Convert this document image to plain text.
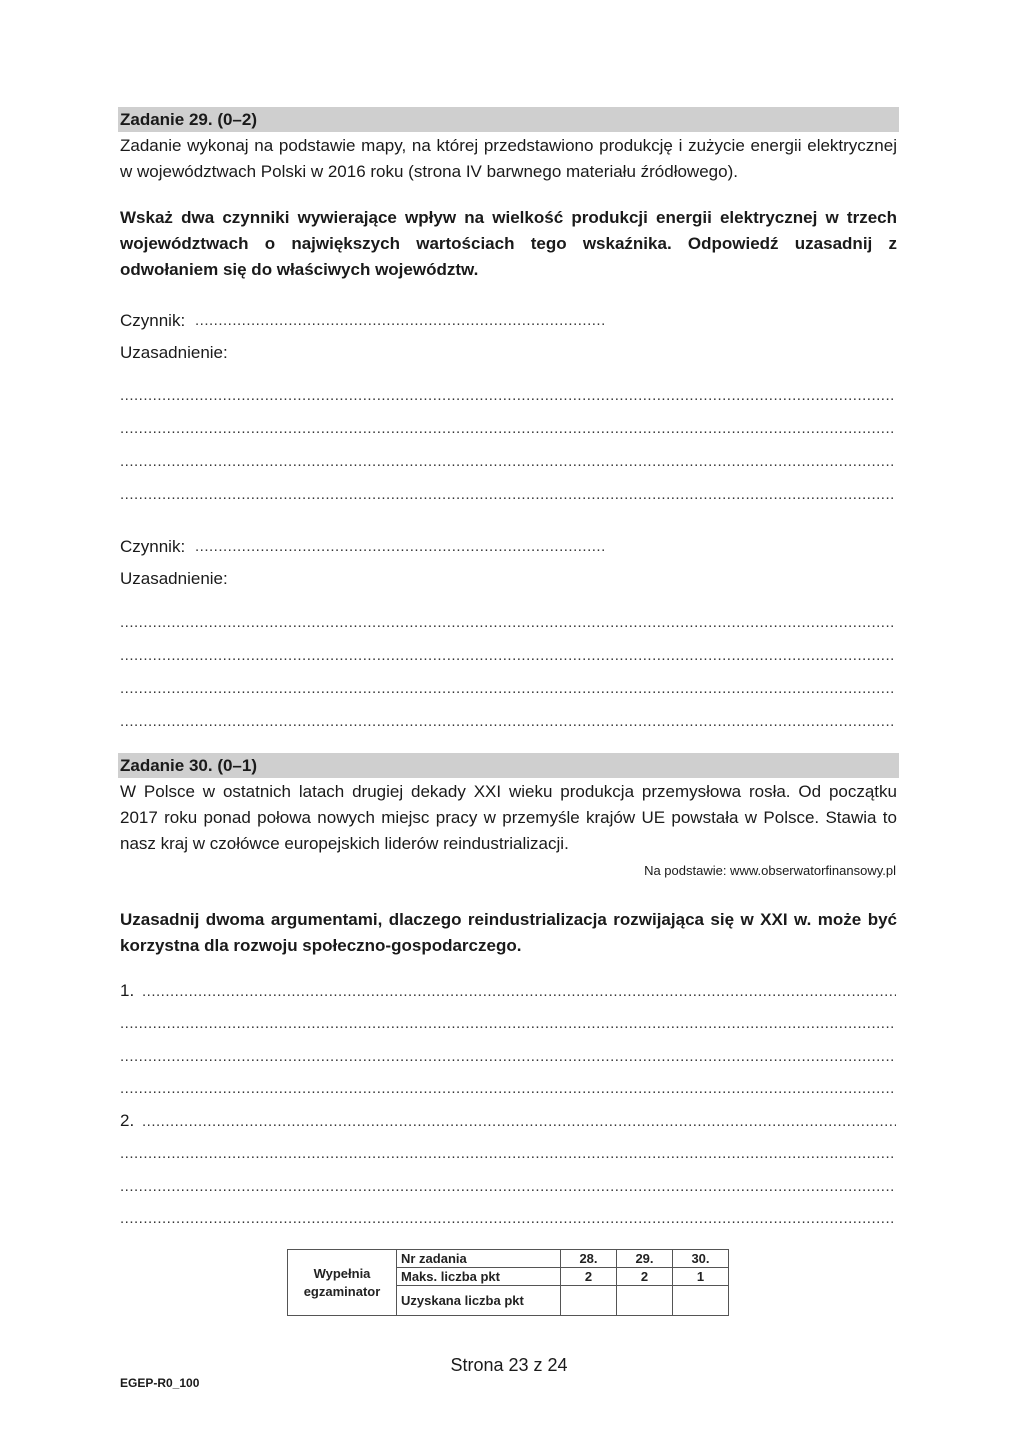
Zadanie 29. (0–2)
Zadanie wykonaj na podstawie mapy, na której przedstawiono produkcję i zużycie energii elektrycznej w województwach Polski w 2016 roku (strona IV barwnego materiału źródłowego).
Wskaż dwa czynniki wywierające wpływ na wielkość produkcji energii elektrycznej w trzech województwach o największych wartościach tego wskaźnika. Odpowiedź uzasadnij z odwołaniem się do właściwych województw.
Czynnik:
.....
Uzasadnienie:
.....
.....
.....
.....
Czynnik:
.....
Uzasadnienie:
.....
.....
.....
.....
Zadanie 30. (0–1)
W Polsce w ostatnich latach drugiej dekady XXI wieku produkcja przemysłowa rosła. Od początku 2017 roku ponad połowa nowych miejsc pracy w przemyśle krajów UE powstała w Polsce. Stawia to nasz kraj w czołówce europejskich liderów reindustrializacji.
Na podstawie: www.obserwatorfinansowy.pl
Uzasadnij dwoma argumentami, dlaczego reindustrializacja rozwijająca się w XXI w. może być korzystna dla rozwoju społeczno-gospodarczego.
1.
.....
.....
.....
.....
2.
.....
.....
.....
.....
Wypełnia egzaminator	Nr zadania	28.	29.	30.
	Maks. liczba pkt	2	2	1
	Uzyskana liczba pkt			
Strona 23 z 24
EGEP-R0_100
